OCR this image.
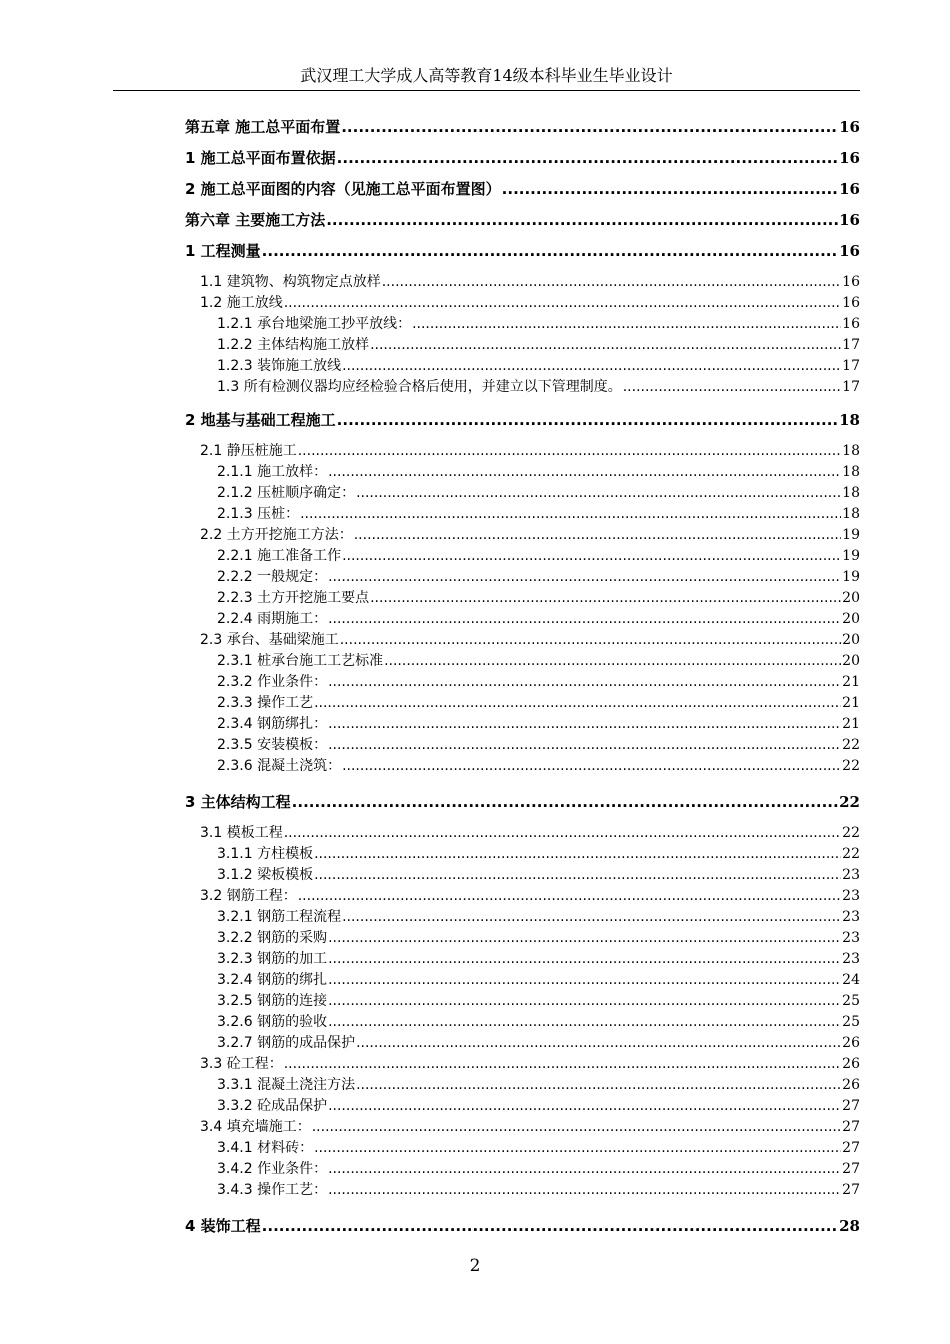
武汉理工大学成人高等教育14级本科毕业生毕业设计
第五章 施工总平面布置 .....	16
1 施工总平面布置依据 .....	16
2 施工总平面图的内容（见施工总平面布置图） .....	16
第六章 主要施工方法 .....	16
1 工程测量 .....	16
1.1 建筑物、构筑物定点放样 .....	16
1.2 施工放线 .....	16
1.2.1 承台地梁施工抄平放线： .....	16
1.2.2 主体结构施工放样 .....	17
1.2.3 装饰施工放线 .....	17
1.3 所有检测仪器均应经检验合格后使用，并建立以下管理制度。 .....	17
2 地基与基础工程施工 .....	18
2.1 静压桩施工 .....	18
2.1.1 施工放样： .....	18
2.1.2 压桩顺序确定： .....	18
2.1.3 压桩： .....	18
2.2 土方开挖施工方法： .....	19
2.2.1 施工准备工作 .....	19
2.2.2 一般规定： .....	19
2.2.3 土方开挖施工要点 .....	20
2.2.4 雨期施工： .....	20
2.3 承台、基础梁施工 .....	20
2.3.1 桩承台施工工艺标准 .....	20
2.3.2 作业条件： .....	21
2.3.3 操作工艺 .....	21
2.3.4 钢筋绑扎： .....	21
2.3.5 安装模板： .....	22
2.3.6 混凝土浇筑： .....	22
3 主体结构工程 .....	22
3.1 模板工程 .....	22
3.1.1 方柱模板 .....	22
3.1.2 梁板模板 .....	23
3.2 钢筋工程： .....	23
3.2.1 钢筋工程流程 .....	23
3.2.2 钢筋的采购 .....	23
3.2.3 钢筋的加工 .....	23
3.2.4 钢筋的绑扎 .....	24
3.2.5 钢筋的连接 .....	25
3.2.6 钢筋的验收 .....	25
3.2.7 钢筋的成品保护 .....	26
3.3 砼工程： .....	26
3.3.1 混凝土浇注方法 .....	26
3.3.2 砼成品保护 .....	27
3.4 填充墙施工： .....	27
3.4.1 材料砖： .....	27
3.4.2 作业条件： .....	27
3.4.3 操作工艺： .....	27
4 装饰工程 .....	28
2
